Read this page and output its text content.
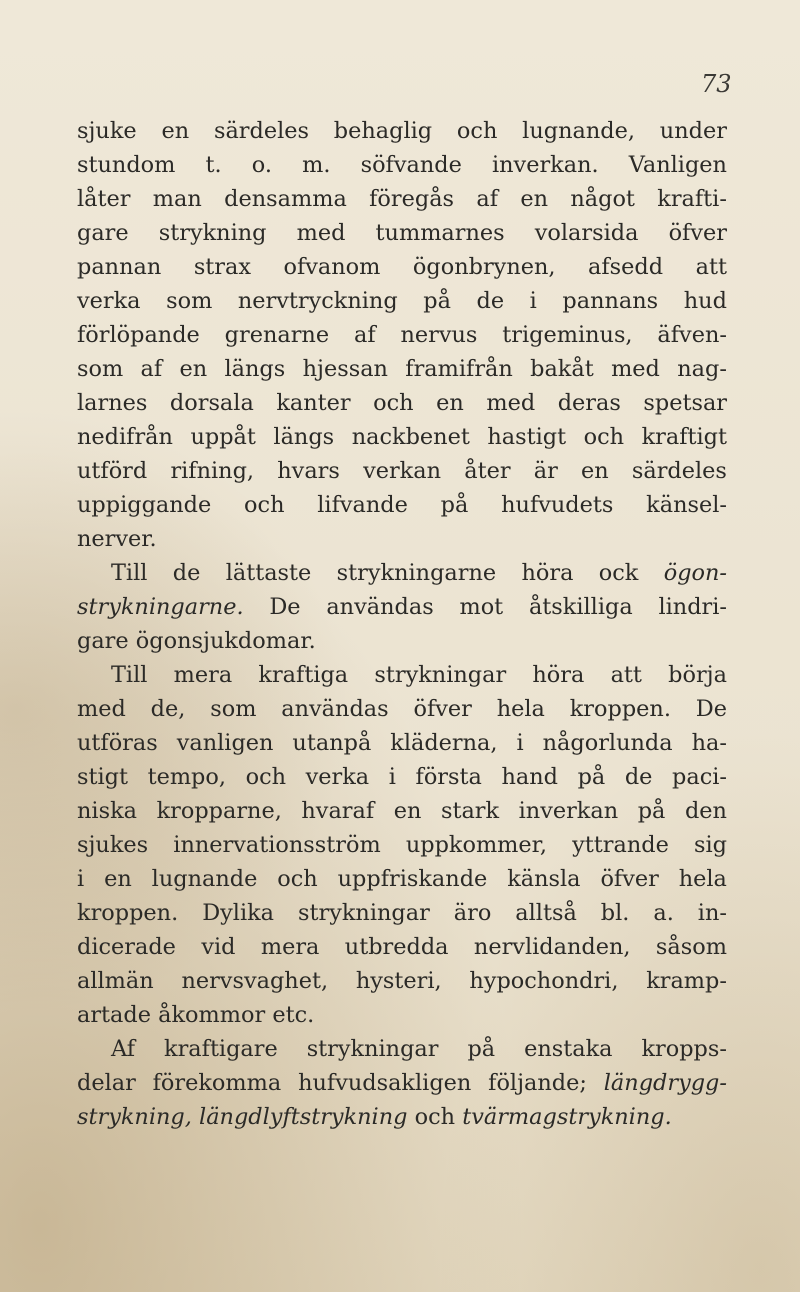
73
sjuke en särdeles behaglig och lugnande, under
stundom t. o. m. söfvande inverkan. Vanligen
låter man densamma föregås af en något krafti-
gare strykning med tummarnes volarsida öfver
pannan strax ofvanom ögonbrynen, afsedd att
verka som nervtryckning på de i pannans hud
förlöpande grenarne af nervus trigeminus, äfven-
som af en längs hjessan framifrån bakåt med nag-
larnes dorsala kanter och en med deras spetsar
nedifrån uppåt längs nackbenet hastigt och kraftigt
utförd rifning, hvars verkan åter är en särdeles
uppiggande och lifvande på hufvudets känsel-
nerver.
Till de lättaste strykningarne höra ock ögon-
strykningarne. De användas mot åtskilliga lindri-
gare ögonsjukdomar.
Till mera kraftiga strykningar höra att börja
med de, som användas öfver hela kroppen. De
utföras vanligen utanpå kläderna, i någorlunda ha-
stigt tempo, och verka i första hand på de paci-
niska kropparne, hvaraf en stark inverkan på den
sjukes innervationsström uppkommer, yttrande sig
i en lugnande och uppfriskande känsla öfver hela
kroppen. Dylika strykningar äro alltså bl. a. in-
dicerade vid mera utbredda nervlidanden, såsom
allmän nervsvaghet, hysteri, hypochondri, kramp-
artade åkommor etc.
Af kraftigare strykningar på enstaka kropps-
delar förekomma hufvudsakligen följande; längdrygg-
strykning, längdlyftstrykning och tvärmagstrykning.
